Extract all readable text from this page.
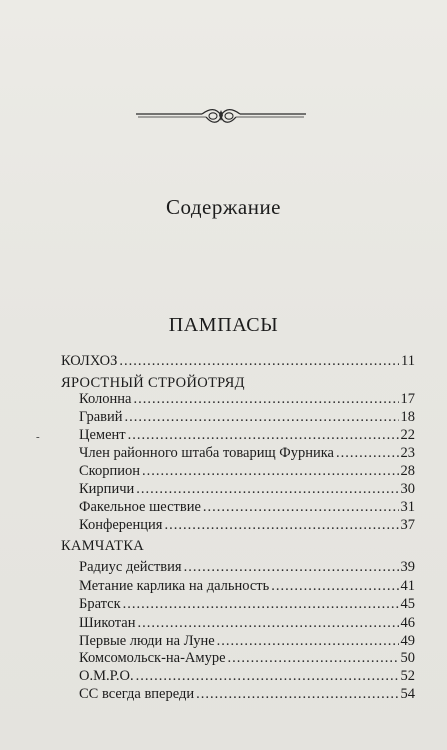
Содержание
ПАМПАСЫ
-
КОЛХОЗ .....	11
ЯРОСТНЫЙ СТРОЙОТРЯД
Колонна .....	17
Гравий .....	18
Цемент .....	22
Член районного штаба товарищ Фурника .....	23
Скорпион .....	28
Кирпичи .....	30
Факельное шествие .....	31
Конференция .....	37
КАМЧАТКА
Радиус действия .....	39
Метание карлика на дальность .....	41
Братск .....	45
Шикотан .....	46
Первые люди на Луне .....	49
Комсомольск-на-Амуре .....	50
О.М.Р.О. .....	52
СС всегда впереди .....	54
